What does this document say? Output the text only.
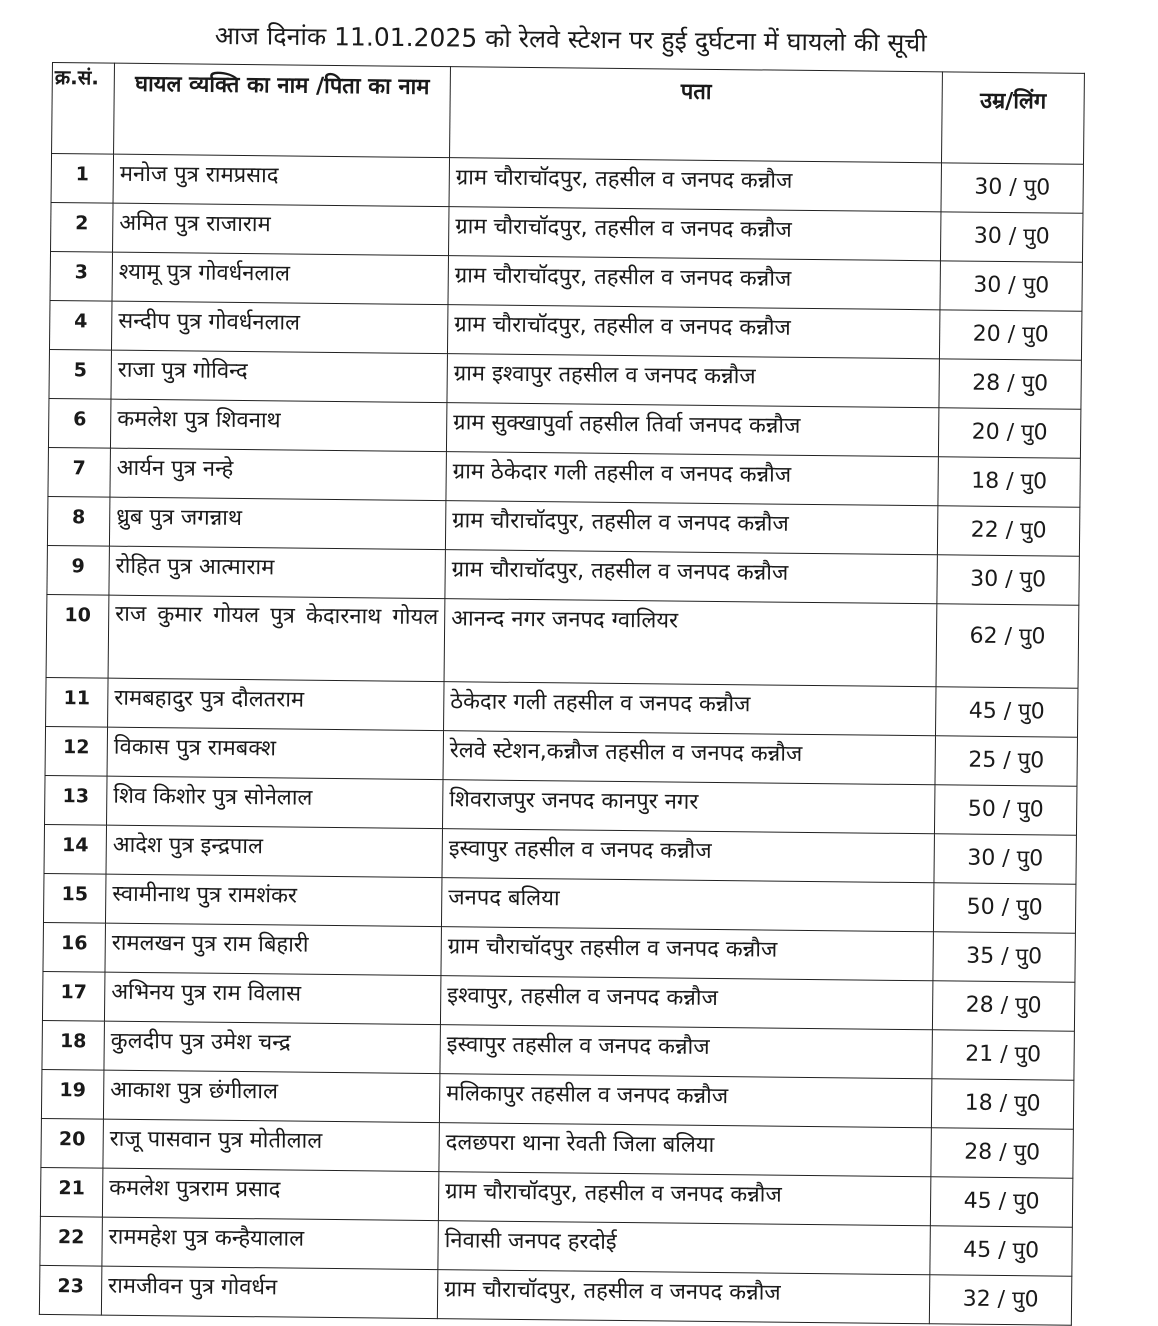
आज दिनांक 11.01.2025 को रेलवे स्टेशन पर हुई दुर्घटना में घायलो की सूची
क्र.सं.	घायल व्यक्ति का नाम /पिता का नाम	पता	उम्र/लिंग
1	मनोज पुत्र रामप्रसाद	ग्राम चौराचॉदपुर, तहसील व जनपद कन्नौज	30 / पु0
2	अमित पुत्र राजाराम	ग्राम चौराचॉदपुर, तहसील व जनपद कन्नौज	30 / पु0
3	श्यामू पुत्र गोवर्धनलाल	ग्राम चौराचॉदपुर, तहसील व जनपद कन्नौज	30 / पु0
4	सन्दीप पुत्र गोवर्धनलाल	ग्राम चौराचॉदपुर, तहसील व जनपद कन्नौज	20 / पु0
5	राजा पुत्र गोविन्द	ग्राम इश्वापुर तहसील व जनपद कन्नौज	28 / पु0
6	कमलेश पुत्र शिवनाथ	ग्राम सुक्खापुर्वा तहसील तिर्वा जनपद कन्नौज	20 / पु0
7	आर्यन पुत्र नन्हे	ग्राम ठेकेदार गली तहसील व जनपद कन्नौज	18 / पु0
8	ध्रुब पुत्र जगन्नाथ	ग्राम चौराचॉदपुर, तहसील व जनपद कन्नौज	22 / पु0
9	रोहित पुत्र आत्माराम	ग्राम चौराचॉदपुर, तहसील व जनपद कन्नौज	30 / पु0
10	राज कुमार गोयल पुत्र केदारनाथ गोयल	आनन्द नगर जनपद ग्वालियर	62 / पु0
11	रामबहादुर पुत्र दौलतराम	ठेकेदार गली तहसील व जनपद कन्नौज	45 / पु0
12	विकास पुत्र रामबक्श	रेलवे स्टेशन,कन्नौज तहसील व जनपद कन्नौज	25 / पु0
13	शिव किशोर पुत्र सोनेलाल	शिवराजपुर जनपद कानपुर नगर	50 / पु0
14	आदेश पुत्र इन्द्रपाल	इस्वापुर तहसील व जनपद कन्नौज	30 / पु0
15	स्वामीनाथ पुत्र रामशंकर	जनपद बलिया	50 / पु0
16	रामलखन पुत्र राम बिहारी	ग्राम चौराचॉदपुर तहसील व जनपद कन्नौज	35 / पु0
17	अभिनय पुत्र राम विलास	इश्वापुर, तहसील व जनपद कन्नौज	28 / पु0
18	कुलदीप पुत्र उमेश चन्द्र	इस्वापुर तहसील व जनपद कन्नौज	21 / पु0
19	आकाश पुत्र छंगीलाल	मलिकापुर तहसील व जनपद कन्नौज	18 / पु0
20	राजू पासवान पुत्र मोतीलाल	दलछपरा थाना रेवती जिला बलिया	28 / पु0
21	कमलेश पुत्रराम प्रसाद	ग्राम चौराचॉदपुर, तहसील व जनपद कन्नौज	45 / पु0
22	राममहेश पुत्र कन्हैयालाल	निवासी जनपद हरदोई	45 / पु0
23	रामजीवन पुत्र गोवर्धन	ग्राम चौराचॉदपुर, तहसील व जनपद कन्नौज	32 / पु0
